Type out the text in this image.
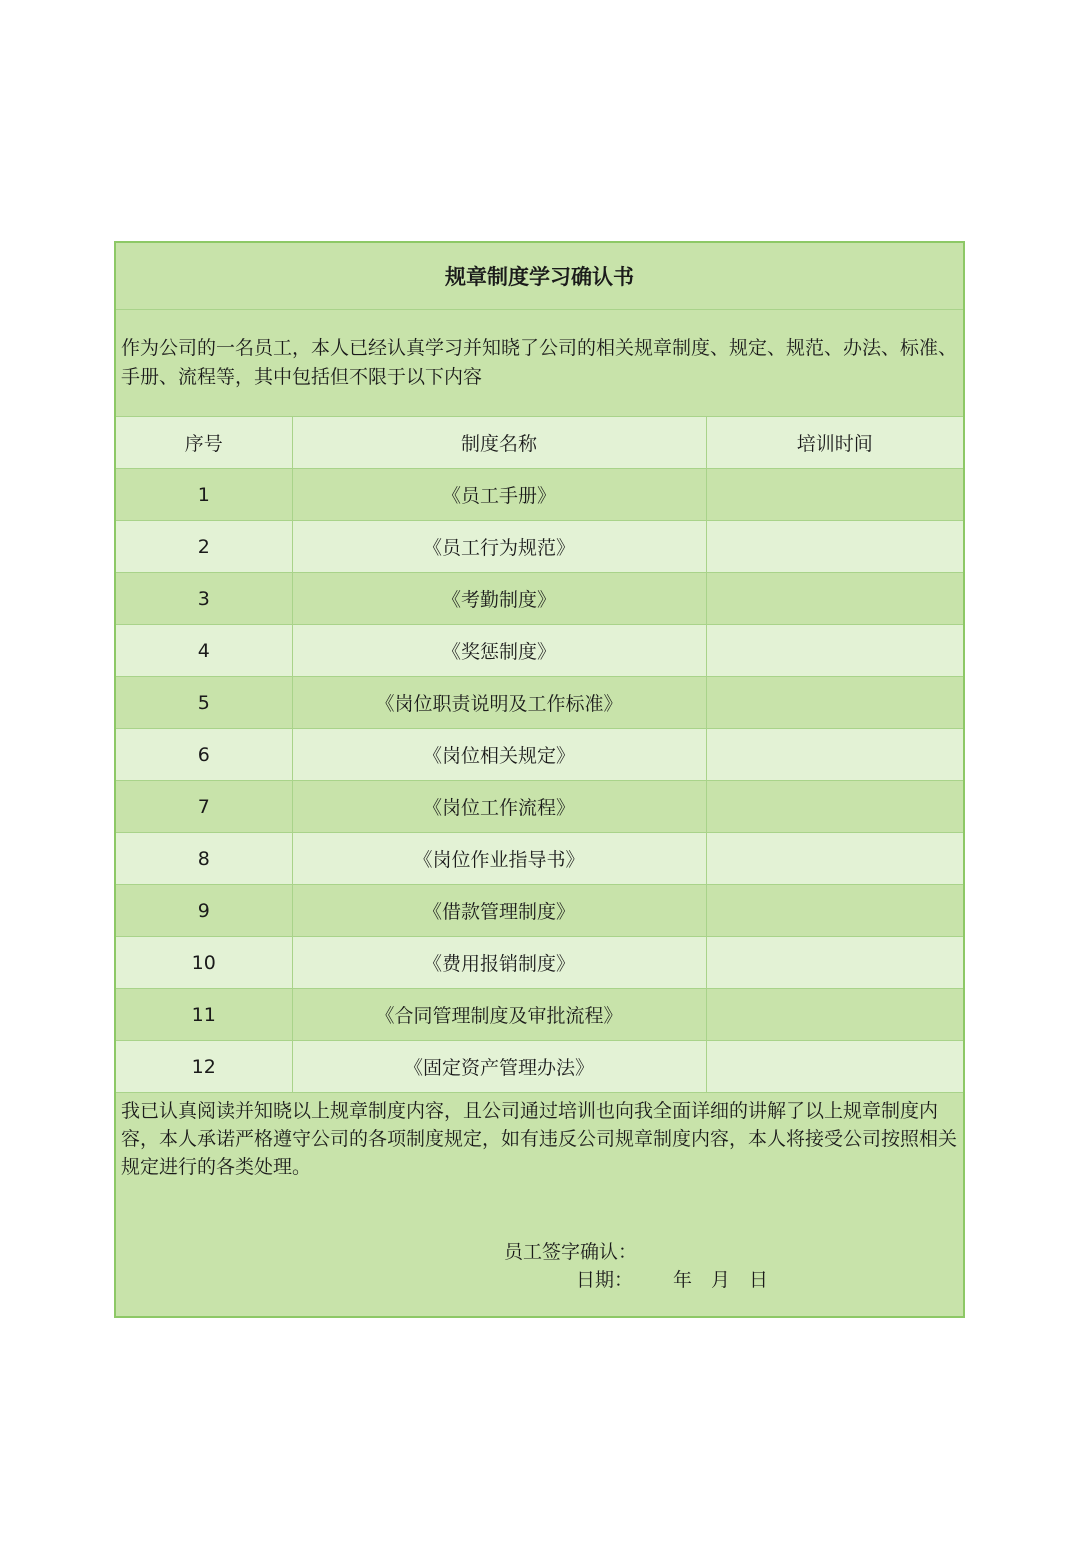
规章制度学习确认书
作为公司的一名员工，本人已经认真学习并知晓了公司的相关规章制度、规定、规范、办法、标准、手册、流程等，其中包括但不限于以下内容
序号	制度名称	培训时间
1	《员工手册》	
2	《员工行为规范》	
3	《考勤制度》	
4	《奖惩制度》	
5	《岗位职责说明及工作标准》	
6	《岗位相关规定》	
7	《岗位工作流程》	
8	《岗位作业指导书》	
9	《借款管理制度》	
10	《费用报销制度》	
11	《合同管理制度及审批流程》	
12	《固定资产管理办法》	
我已认真阅读并知晓以上规章制度内容，且公司通过培训也向我全面详细的讲解了以上规章制度内容，本人承诺严格遵守公司的各项制度规定，如有违反公司规章制度内容，本人将接受公司按照相关规定进行的各类处理。
员工签字确认：
日期： 年 月 日
